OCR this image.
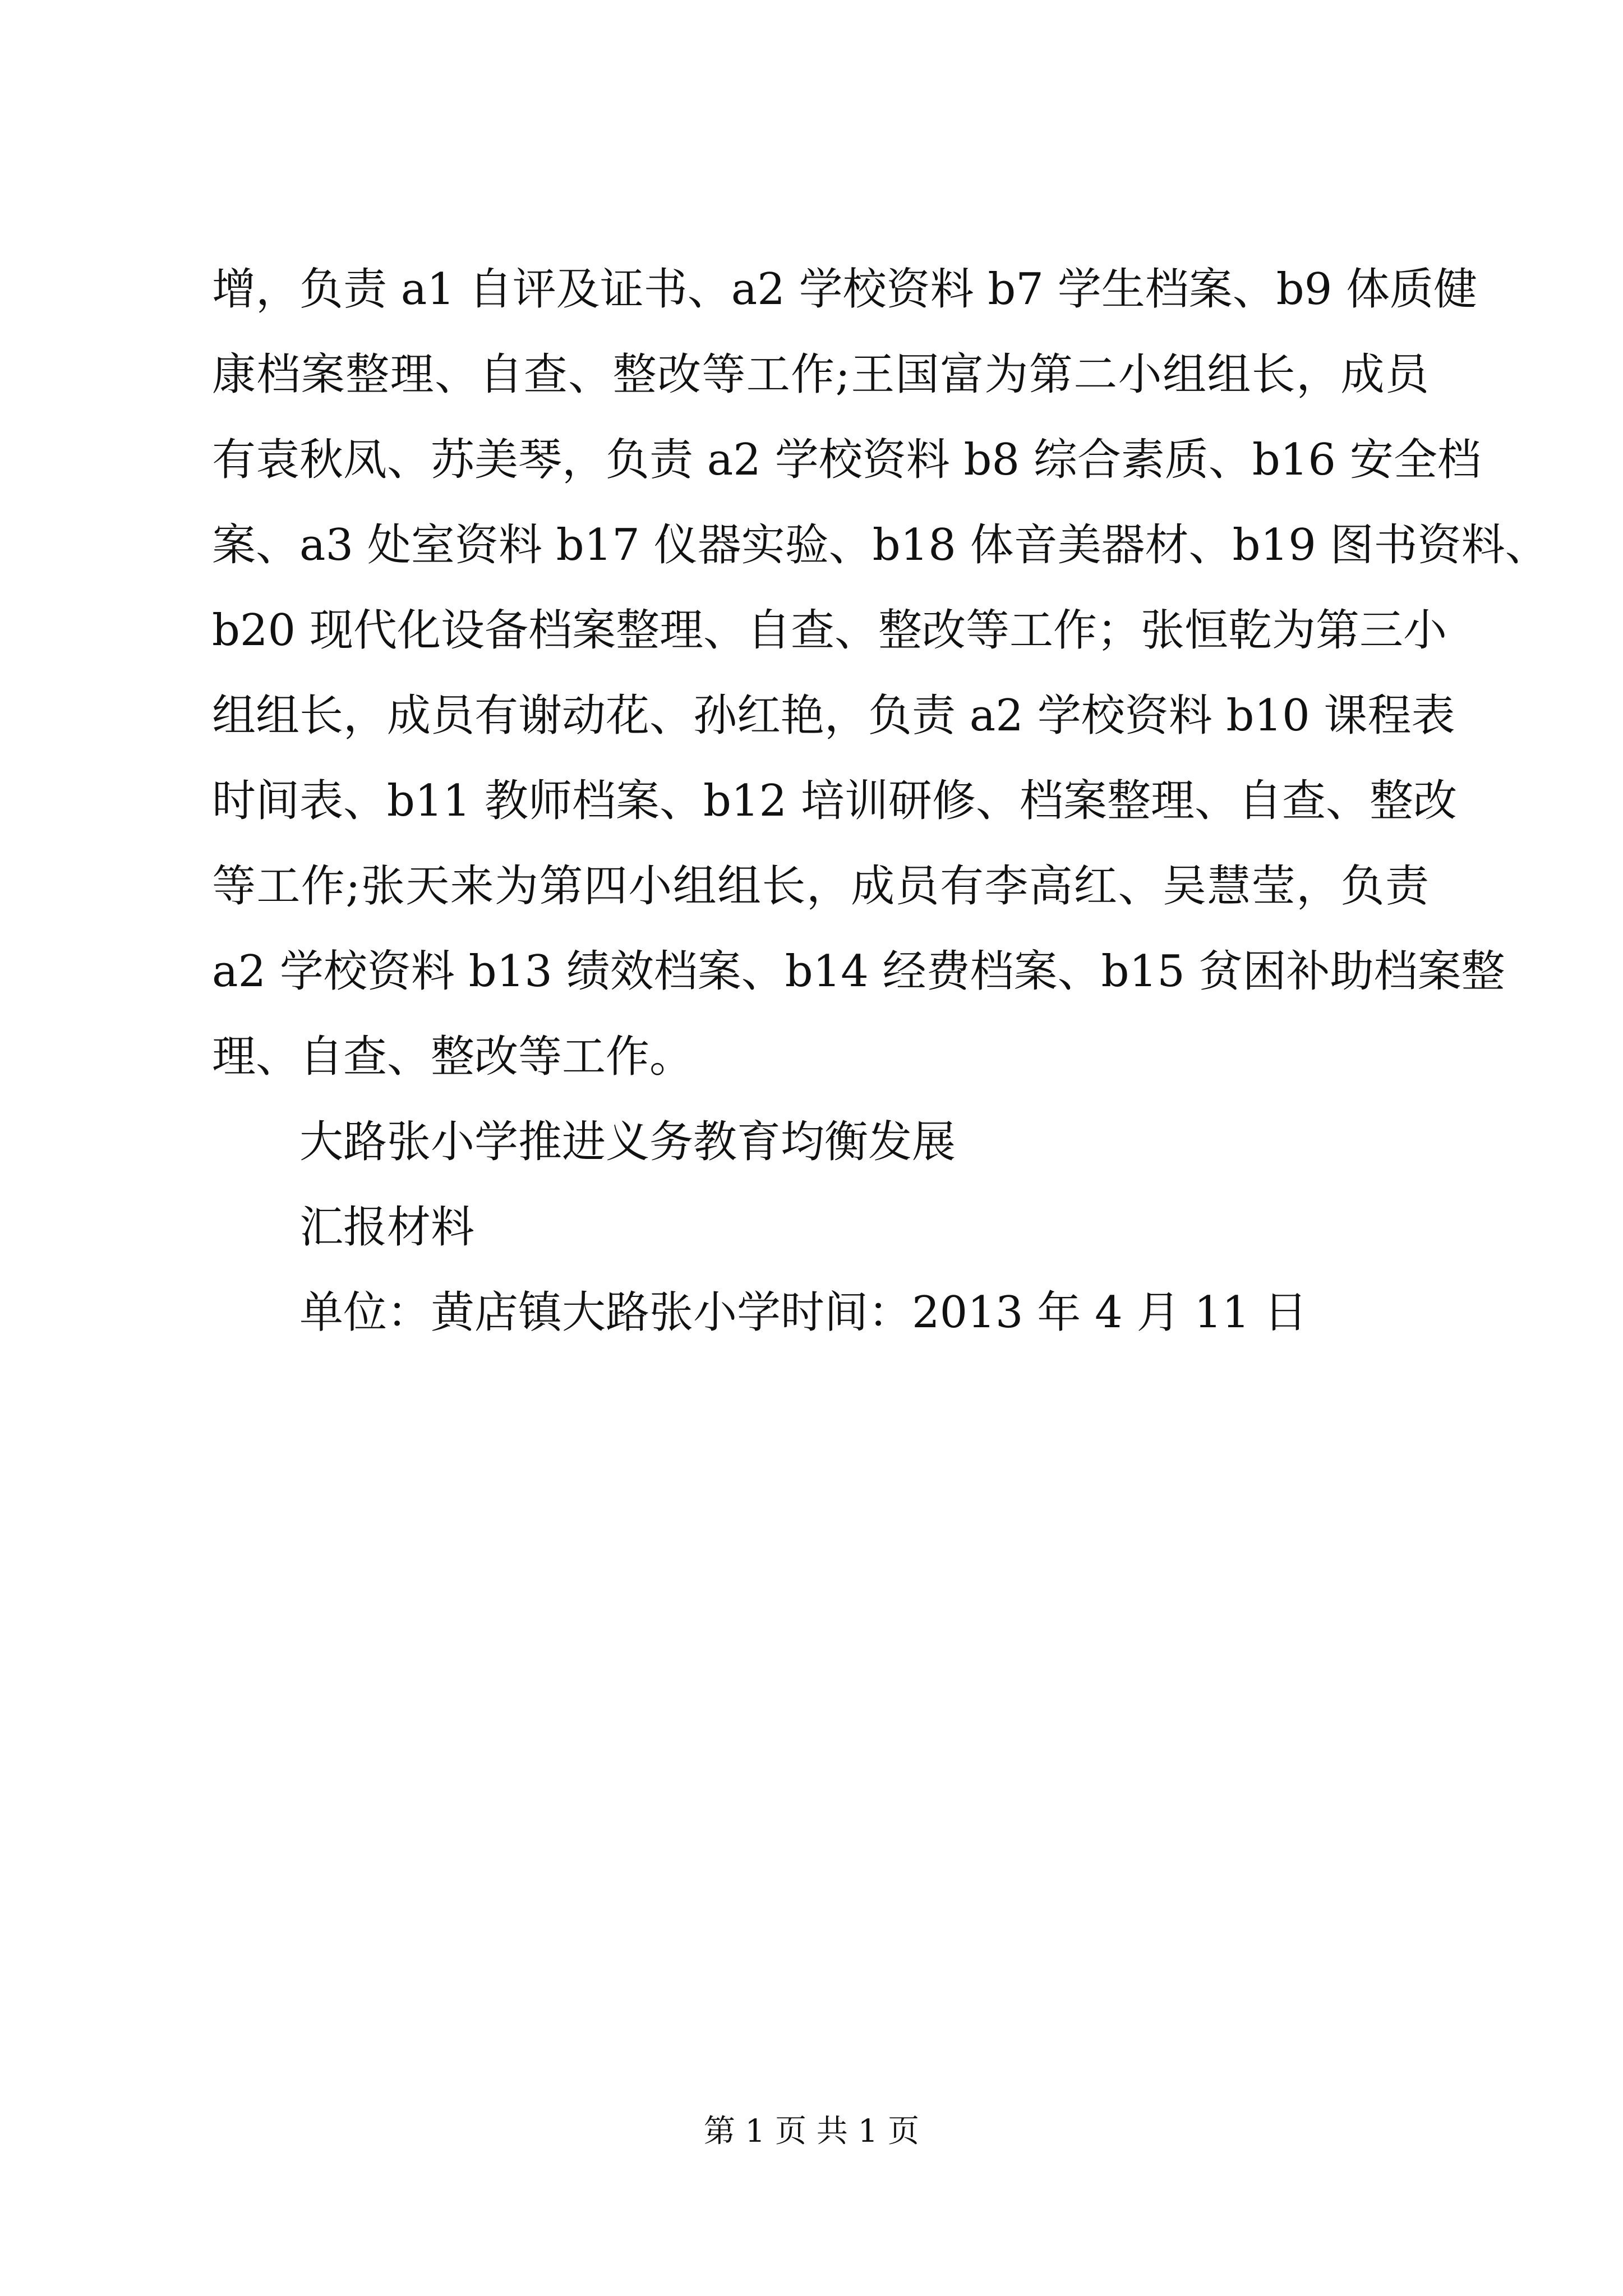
增，负责 a1 自评及证书、a2 学校资料 b7 学生档案、b9 体质健
康档案整理、自查、整改等工作;王国富为第二小组组长，成员
有袁秋凤、苏美琴，负责 a2 学校资料 b8 综合素质、b16 安全档
案、a3 处室资料 b17 仪器实验、b18 体音美器材、b19 图书资料、
b20 现代化设备档案整理、自查、整改等工作；张恒乾为第三小
组组长，成员有谢动花、孙红艳，负责 a2 学校资料 b10 课程表
时间表、b11 教师档案、b12 培训研修、档案整理、自查、整改
等工作;张天来为第四小组组长，成员有李高红、吴慧莹，负责
a2 学校资料 b13 绩效档案、b14 经费档案、b15 贫困补助档案整
理、自查、整改等工作。
大路张小学推进义务教育均衡发展
汇报材料
单位：黄店镇大路张小学时间：2013 年 4 月 11 日
第 1 页 共 1 页
